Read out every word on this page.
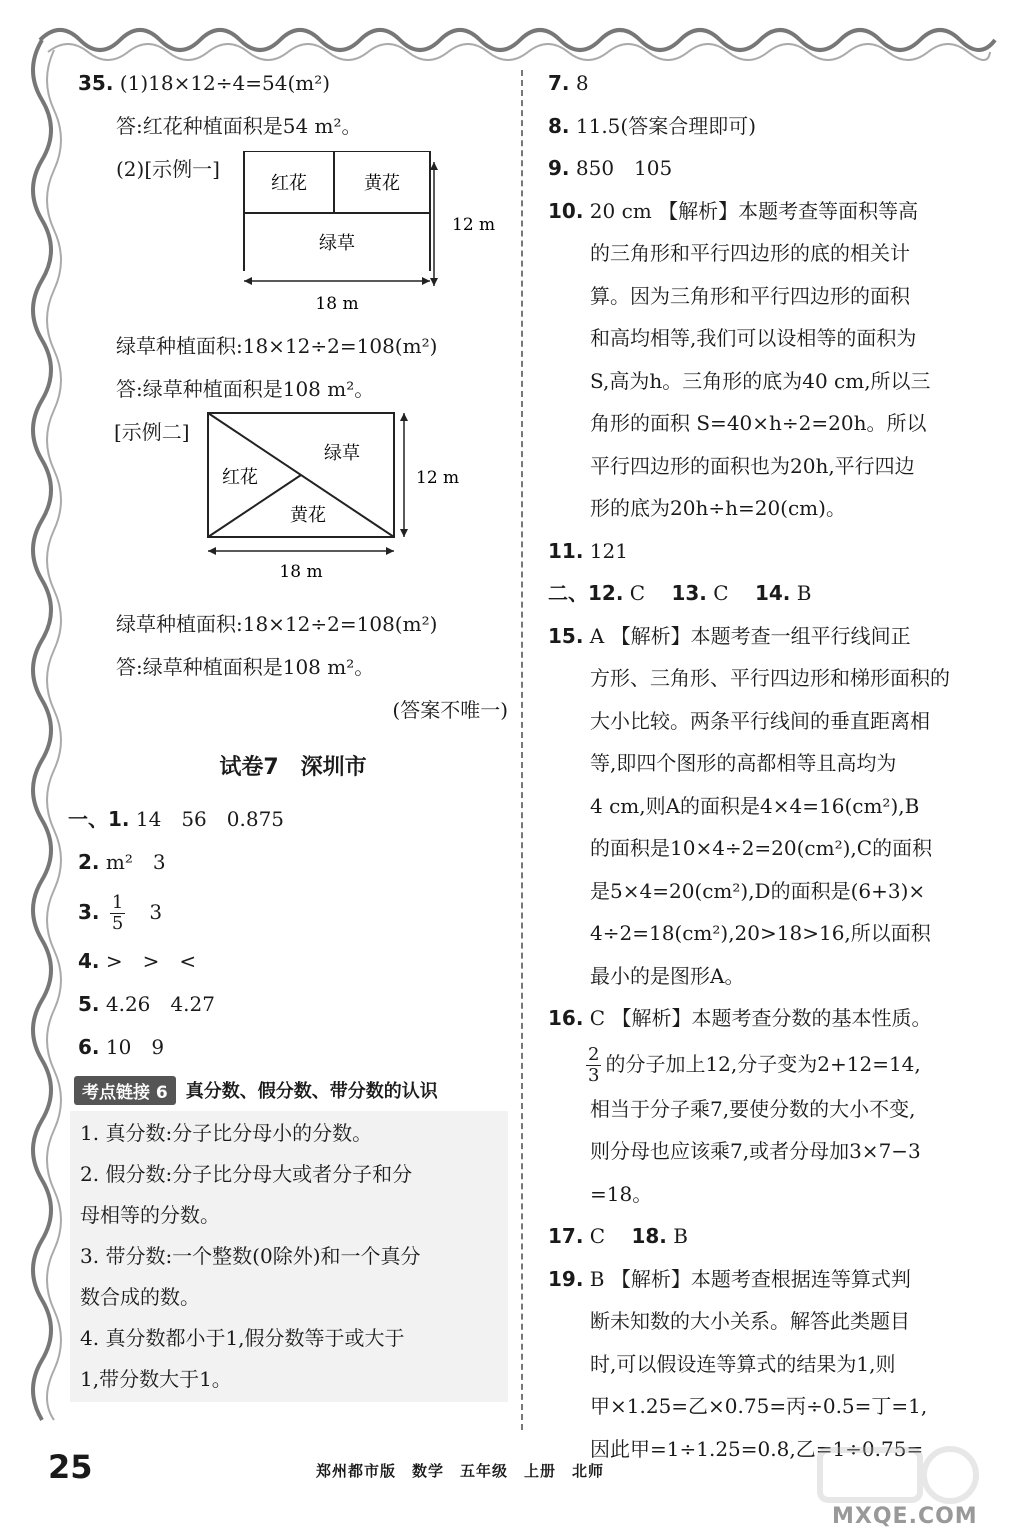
35. (1)18×12÷4=54(m²)
答:红花种植面积是54 m²。
(2)[示例一]
红花	黄花
绿草
18 m
12 m
绿草种植面积:18×12÷2=108(m²)
答:绿草种植面积是108 m²。
[示例二]
绿草
红花
黄花
12 m
18 m
绿草种植面积:18×12÷2=108(m²)
答:绿草种植面积是108 m²。
(答案不唯一)
试卷7　深圳市
一、1. 14　56　0.875
2. m²　3
3. $\frac{1}{5}$ 　3
4. >　>　<
5. 4.26　4.27
6. 10　9
考点链接 6	真分数、假分数、带分数的认识
1. 真分数:分子比分母小的分数。
2. 假分数:分子比分母大或者分子和分
母相等的分数。
3. 带分数:一个整数(0除外)和一个真分
数合成的数。
4. 真分数都小于1,假分数等于或大于
1,带分数大于1。
7. 8
8. 11.5(答案合理即可)
9. 850　105
10. 20 cm 【解析】本题考查等面积等高
的三角形和平行四边形的底的相关计
算。因为三角形和平行四边形的面积
和高均相等,我们可以设相等的面积为
S,高为h。三角形的底为40 cm,所以三
角形的面积 S=40×h÷2=20h。所以
平行四边形的面积也为20h,平行四边
形的底为20h÷h=20(cm)。
11. 121
二、12. C　 13. C　 14. B
15. A 【解析】本题考查一组平行线间正
方形、三角形、平行四边形和梯形面积的
大小比较。两条平行线间的垂直距离相
等,即四个图形的高都相等且高均为
4 cm,则A的面积是4×4=16(cm²),B
的面积是10×4÷2=20(cm²),C的面积
是5×4=20(cm²),D的面积是(6+3)×
4÷2=18(cm²),20>18>16,所以面积
最小的是图形A。
16. C 【解析】本题考查分数的基本性质。
$\frac{2}{3}$ 的分子加上12,分子变为2+12=14,
相当于分子乘7,要使分数的大小不变,
则分母也应该乘7,或者分母加3×7−3
=18。
17. C　 18. B
19. B 【解析】本题考查根据连等算式判
断未知数的大小关系。解答此类题目
时,可以假设连等算式的结果为1,则
甲×1.25=乙×0.75=丙÷0.5=丁=1,
因此甲=1÷1.25=0.8,乙=1÷0.75=
25	郑州都市版　数学　五年级　上册　北师
MXQE.COM
